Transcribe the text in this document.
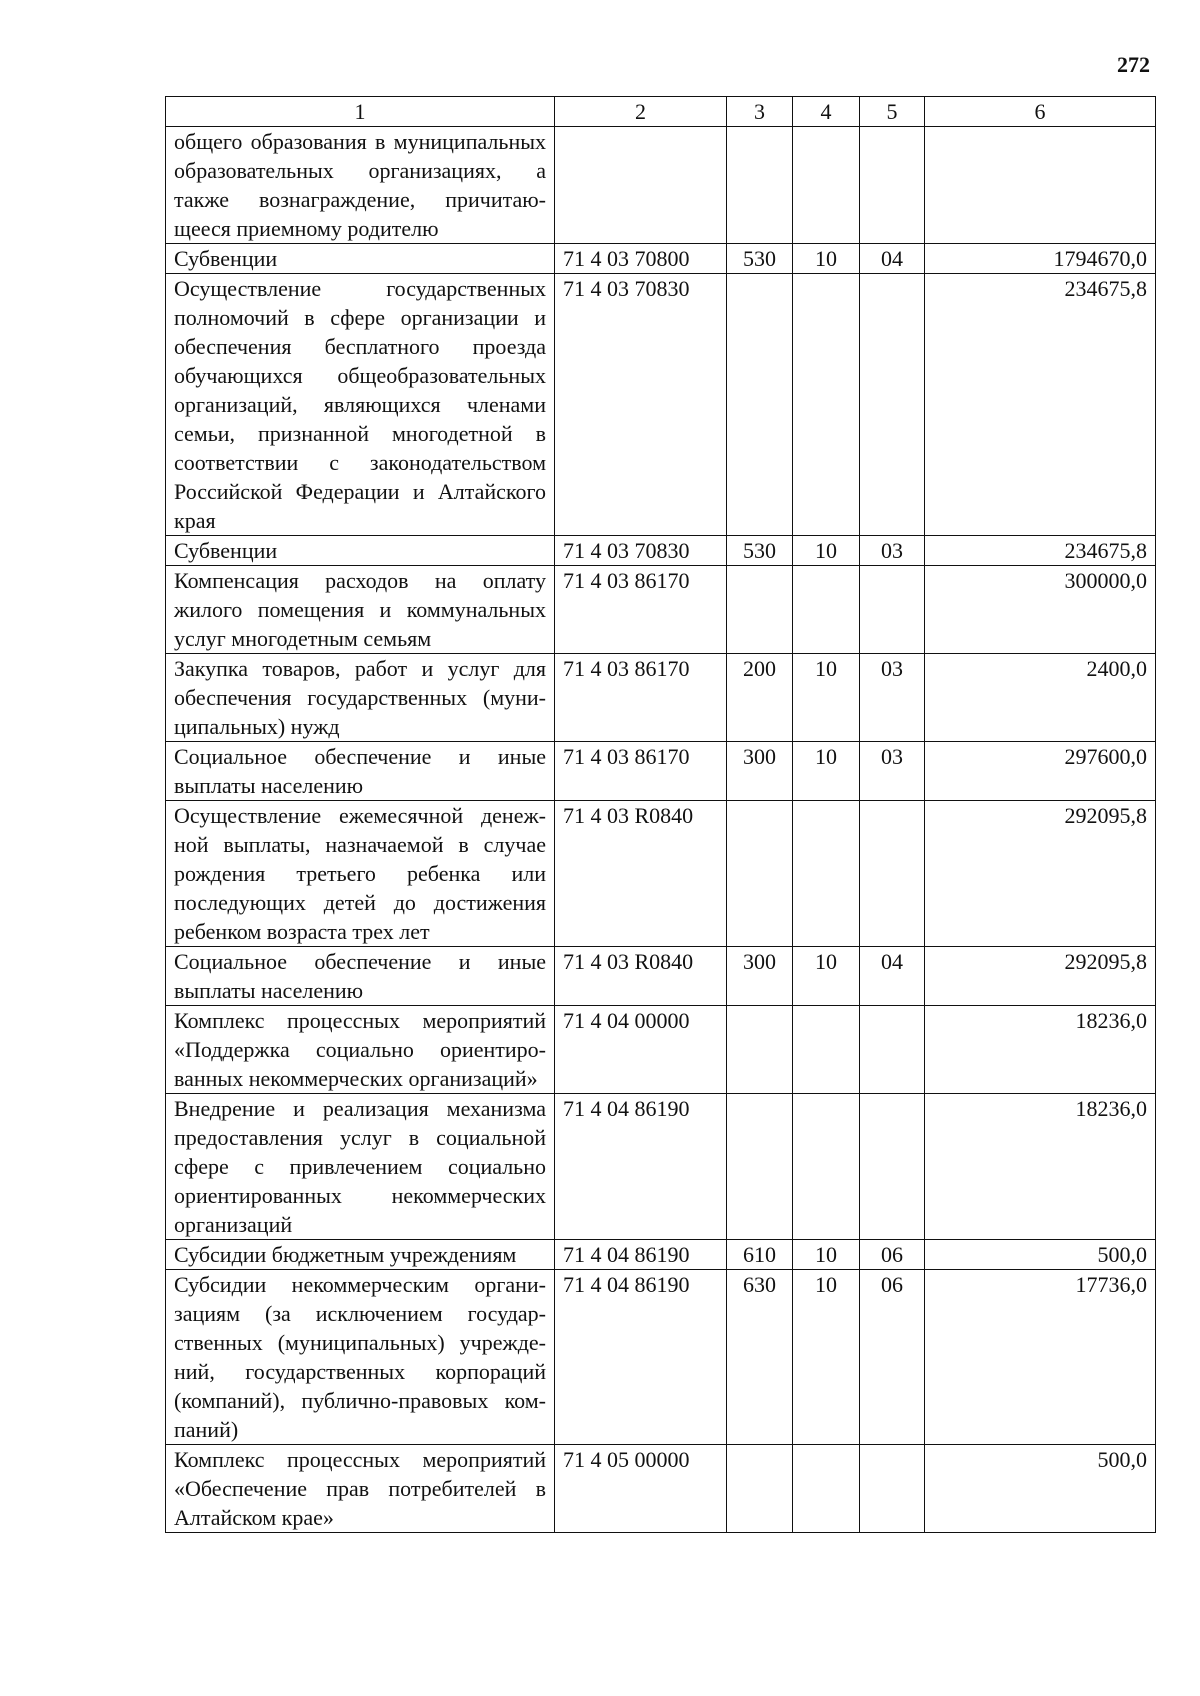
272
1	2	3	4	5	6
общего образования в муниципальных образовательных организациях, а также вознаграждение, причитающееся приемному родителю					
Субвенции	71 4 03 70800	530	10	04	1794670,0
Осуществление государственных полномочий в сфере организации и обеспечения бесплатного проезда обучающихся общеобразовательных организаций, являющихся членами семьи, признанной многодетной в соответствии с законодательством Российской Федерации и Алтайского края	71 4 03 70830				234675,8
Субвенции	71 4 03 70830	530	10	03	234675,8
Компенсация расходов на оплату жилого помещения и коммунальных услуг многодетным семьям	71 4 03 86170				300000,0
Закупка товаров, работ и услуг для обеспечения государственных (муниципальных) нужд	71 4 03 86170	200	10	03	2400,0
Социальное обеспечение и иные выплаты населению	71 4 03 86170	300	10	03	297600,0
Осуществление ежемесячной денежной выплаты, назначаемой в случае рождения третьего ребенка или последующих детей до достижения ребенком возраста трех лет	71 4 03 R0840				292095,8
Социальное обеспечение и иные выплаты населению	71 4 03 R0840	300	10	04	292095,8
Комплекс процессных мероприятий «Поддержка социально ориентированных некоммерческих организаций»	71 4 04 00000				18236,0
Внедрение и реализация механизма предоставления услуг в социальной сфере с привлечением социально ориентированных некоммерческих организаций	71 4 04 86190				18236,0
Субсидии бюджетным учреждениям	71 4 04 86190	610	10	06	500,0
Субсидии некоммерческим организациям (за исключением государственных (муниципальных) учреждений, государственных корпораций (компаний), публично-правовых компаний)	71 4 04 86190	630	10	06	17736,0
Комплекс процессных мероприятий «Обеспечение прав потребителей в Алтайском крае»	71 4 05 00000				500,0
